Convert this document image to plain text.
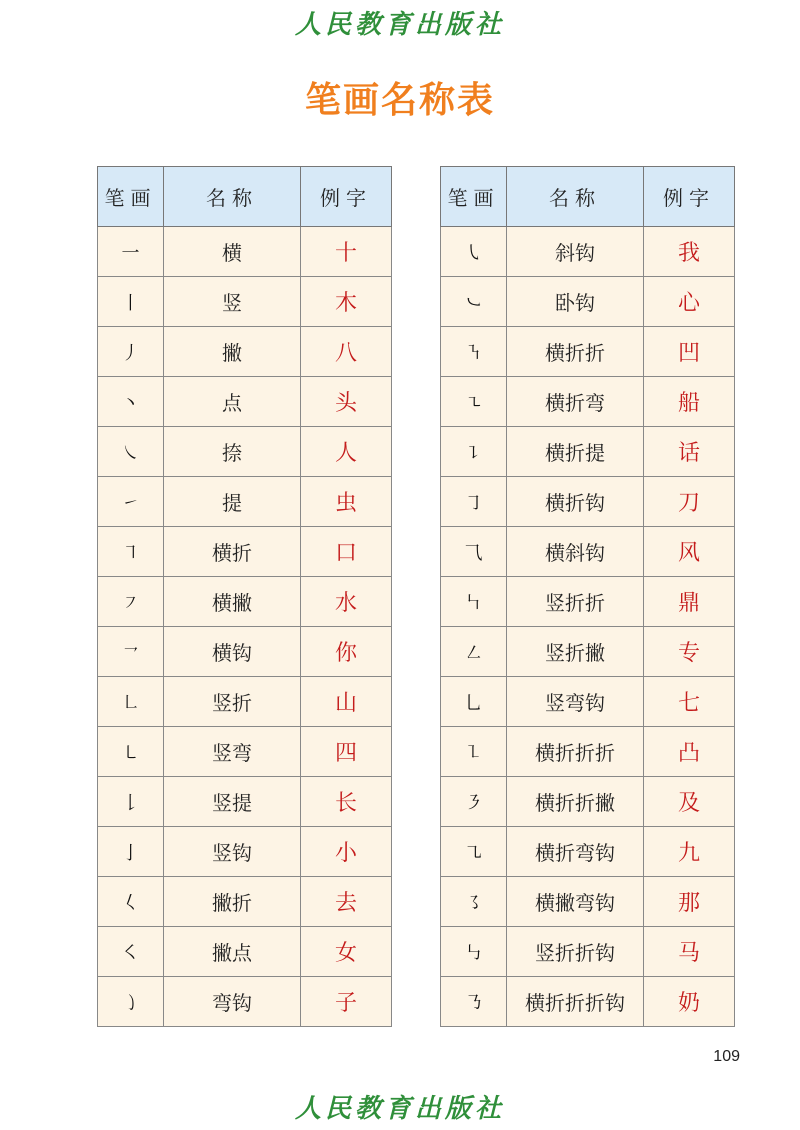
人民教育出版社
笔画名称表
笔画	名称	例字
一	横	十
丨	竖	木
丿	撇	八
丶	点	头
㇏	捺	人
㇀	提	虫
㇕	横折	口
㇇	横撇	水
㇖	横钩	你
㇗	竖折	山
㇄	竖弯	四
𠄌	竖提	长
亅	竖钩	小
𡿨	撇折	去
㇛	撇点	女
㇁	弯钩	子
笔画	名称	例字
㇂	斜钩	我
㇃	卧钩	心
㇎	横折折	凹
㇍	横折弯	船
㇊	横折提	话
㇆	横折钩	刀
⺄	横斜钩	风
㇞	竖折折	鼎
㇜	竖折撇	专
乚	竖弯钩	七
㇅	横折折折	凸
㇋	横折折撇	及
㇈	横折弯钩	九
㇌	横撇弯钩	那
㇉	竖折折钩	马
㇡	横折折折钩	奶
109
人民教育出版社
